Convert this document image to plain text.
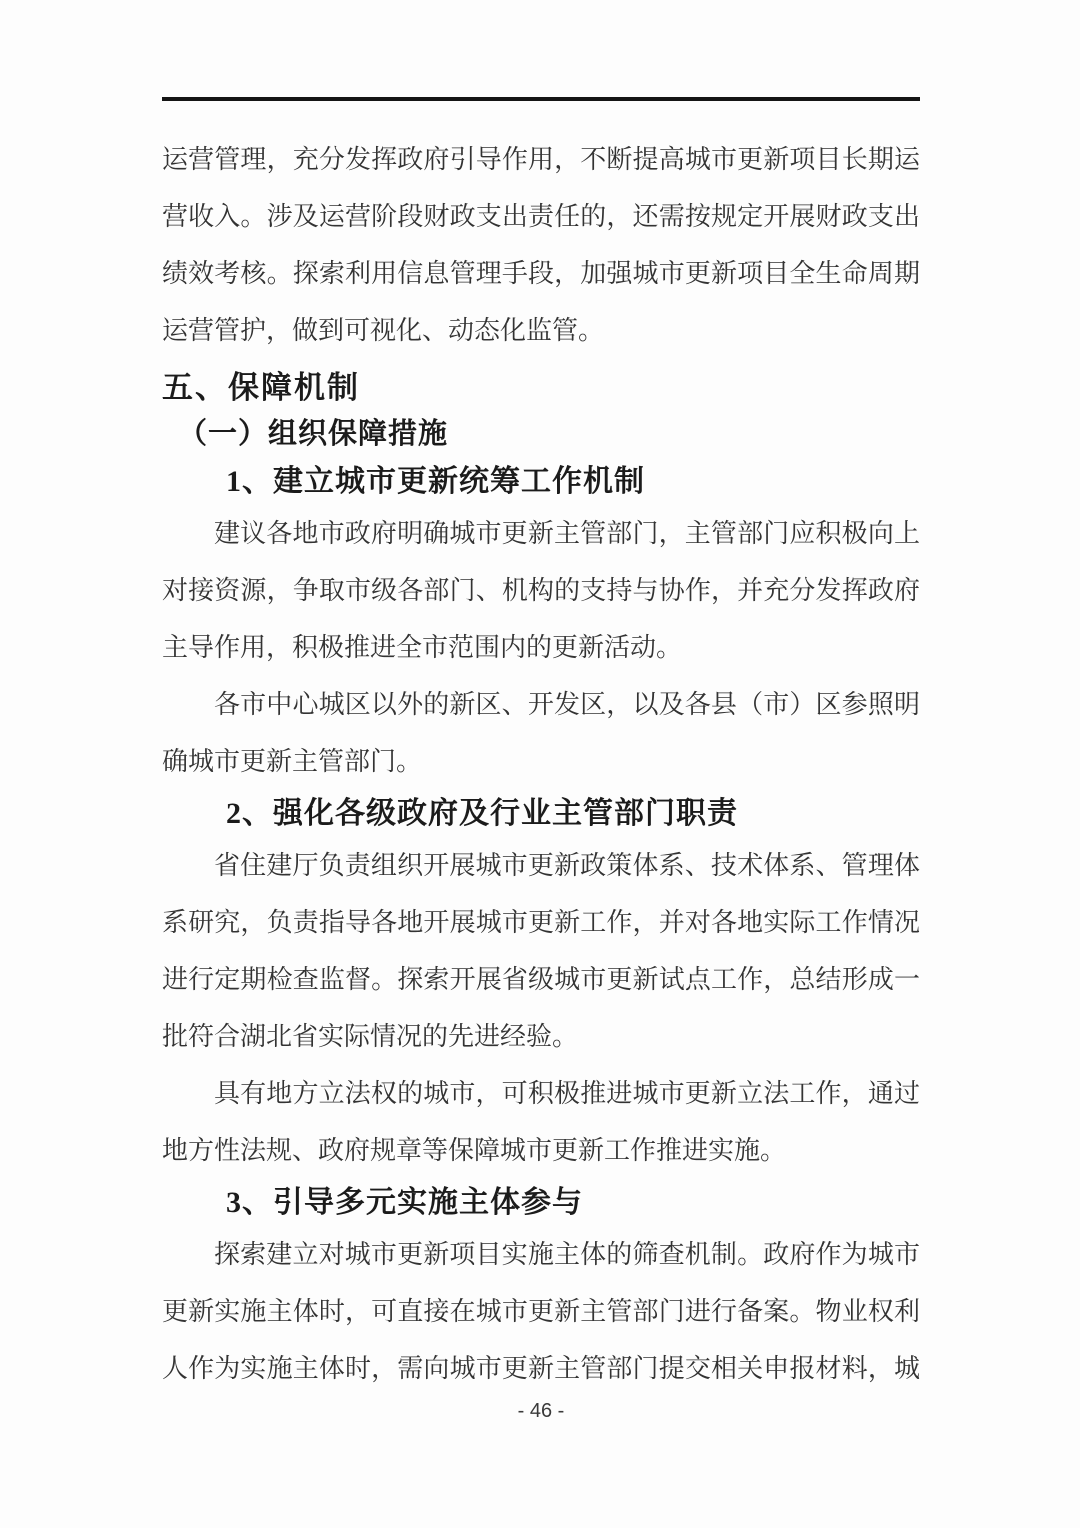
运营管理，充分发挥政府引导作用，不断提高城市更新项目长期运
营收入。涉及运营阶段财政支出责任的，还需按规定开展财政支出
绩效考核。探索利用信息管理手段，加强城市更新项目全生命周期
运营管护，做到可视化、动态化监管。
五、保障机制
（一）组织保障措施
1、建立城市更新统筹工作机制
建议各地市政府明确城市更新主管部门，主管部门应积极向上
对接资源，争取市级各部门、机构的支持与协作，并充分发挥政府
主导作用，积极推进全市范围内的更新活动。
各市中心城区以外的新区、开发区，以及各县（市）区参照明
确城市更新主管部门。
2、强化各级政府及行业主管部门职责
省住建厅负责组织开展城市更新政策体系、技术体系、管理体
系研究，负责指导各地开展城市更新工作，并对各地实际工作情况
进行定期检查监督。探索开展省级城市更新试点工作，总结形成一
批符合湖北省实际情况的先进经验。
具有地方立法权的城市，可积极推进城市更新立法工作，通过
地方性法规、政府规章等保障城市更新工作推进实施。
3、引导多元实施主体参与
探索建立对城市更新项目实施主体的筛查机制。政府作为城市
更新实施主体时，可直接在城市更新主管部门进行备案。物业权利
人作为实施主体时，需向城市更新主管部门提交相关申报材料，城
- 46 -
